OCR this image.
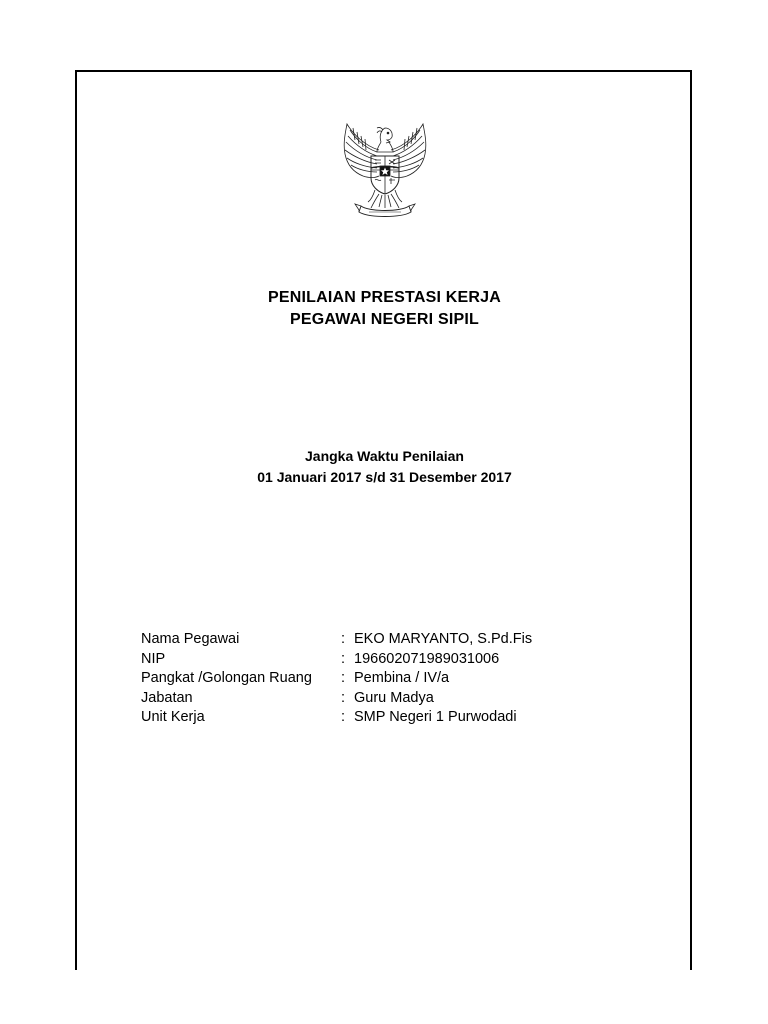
PENILAIAN PRESTASI KERJA
PEGAWAI NEGERI SIPIL
Jangka Waktu Penilaian
01 Januari 2017 s/d 31 Desember 2017
Nama Pegawai	: EKO MARYANTO, S.Pd.Fis
NIP	: 196602071989031006
Pangkat /Golongan Ruang : Pembina / IV/a
Jabatan	: Guru Madya
Unit Kerja	: SMP Negeri 1 Purwodadi
